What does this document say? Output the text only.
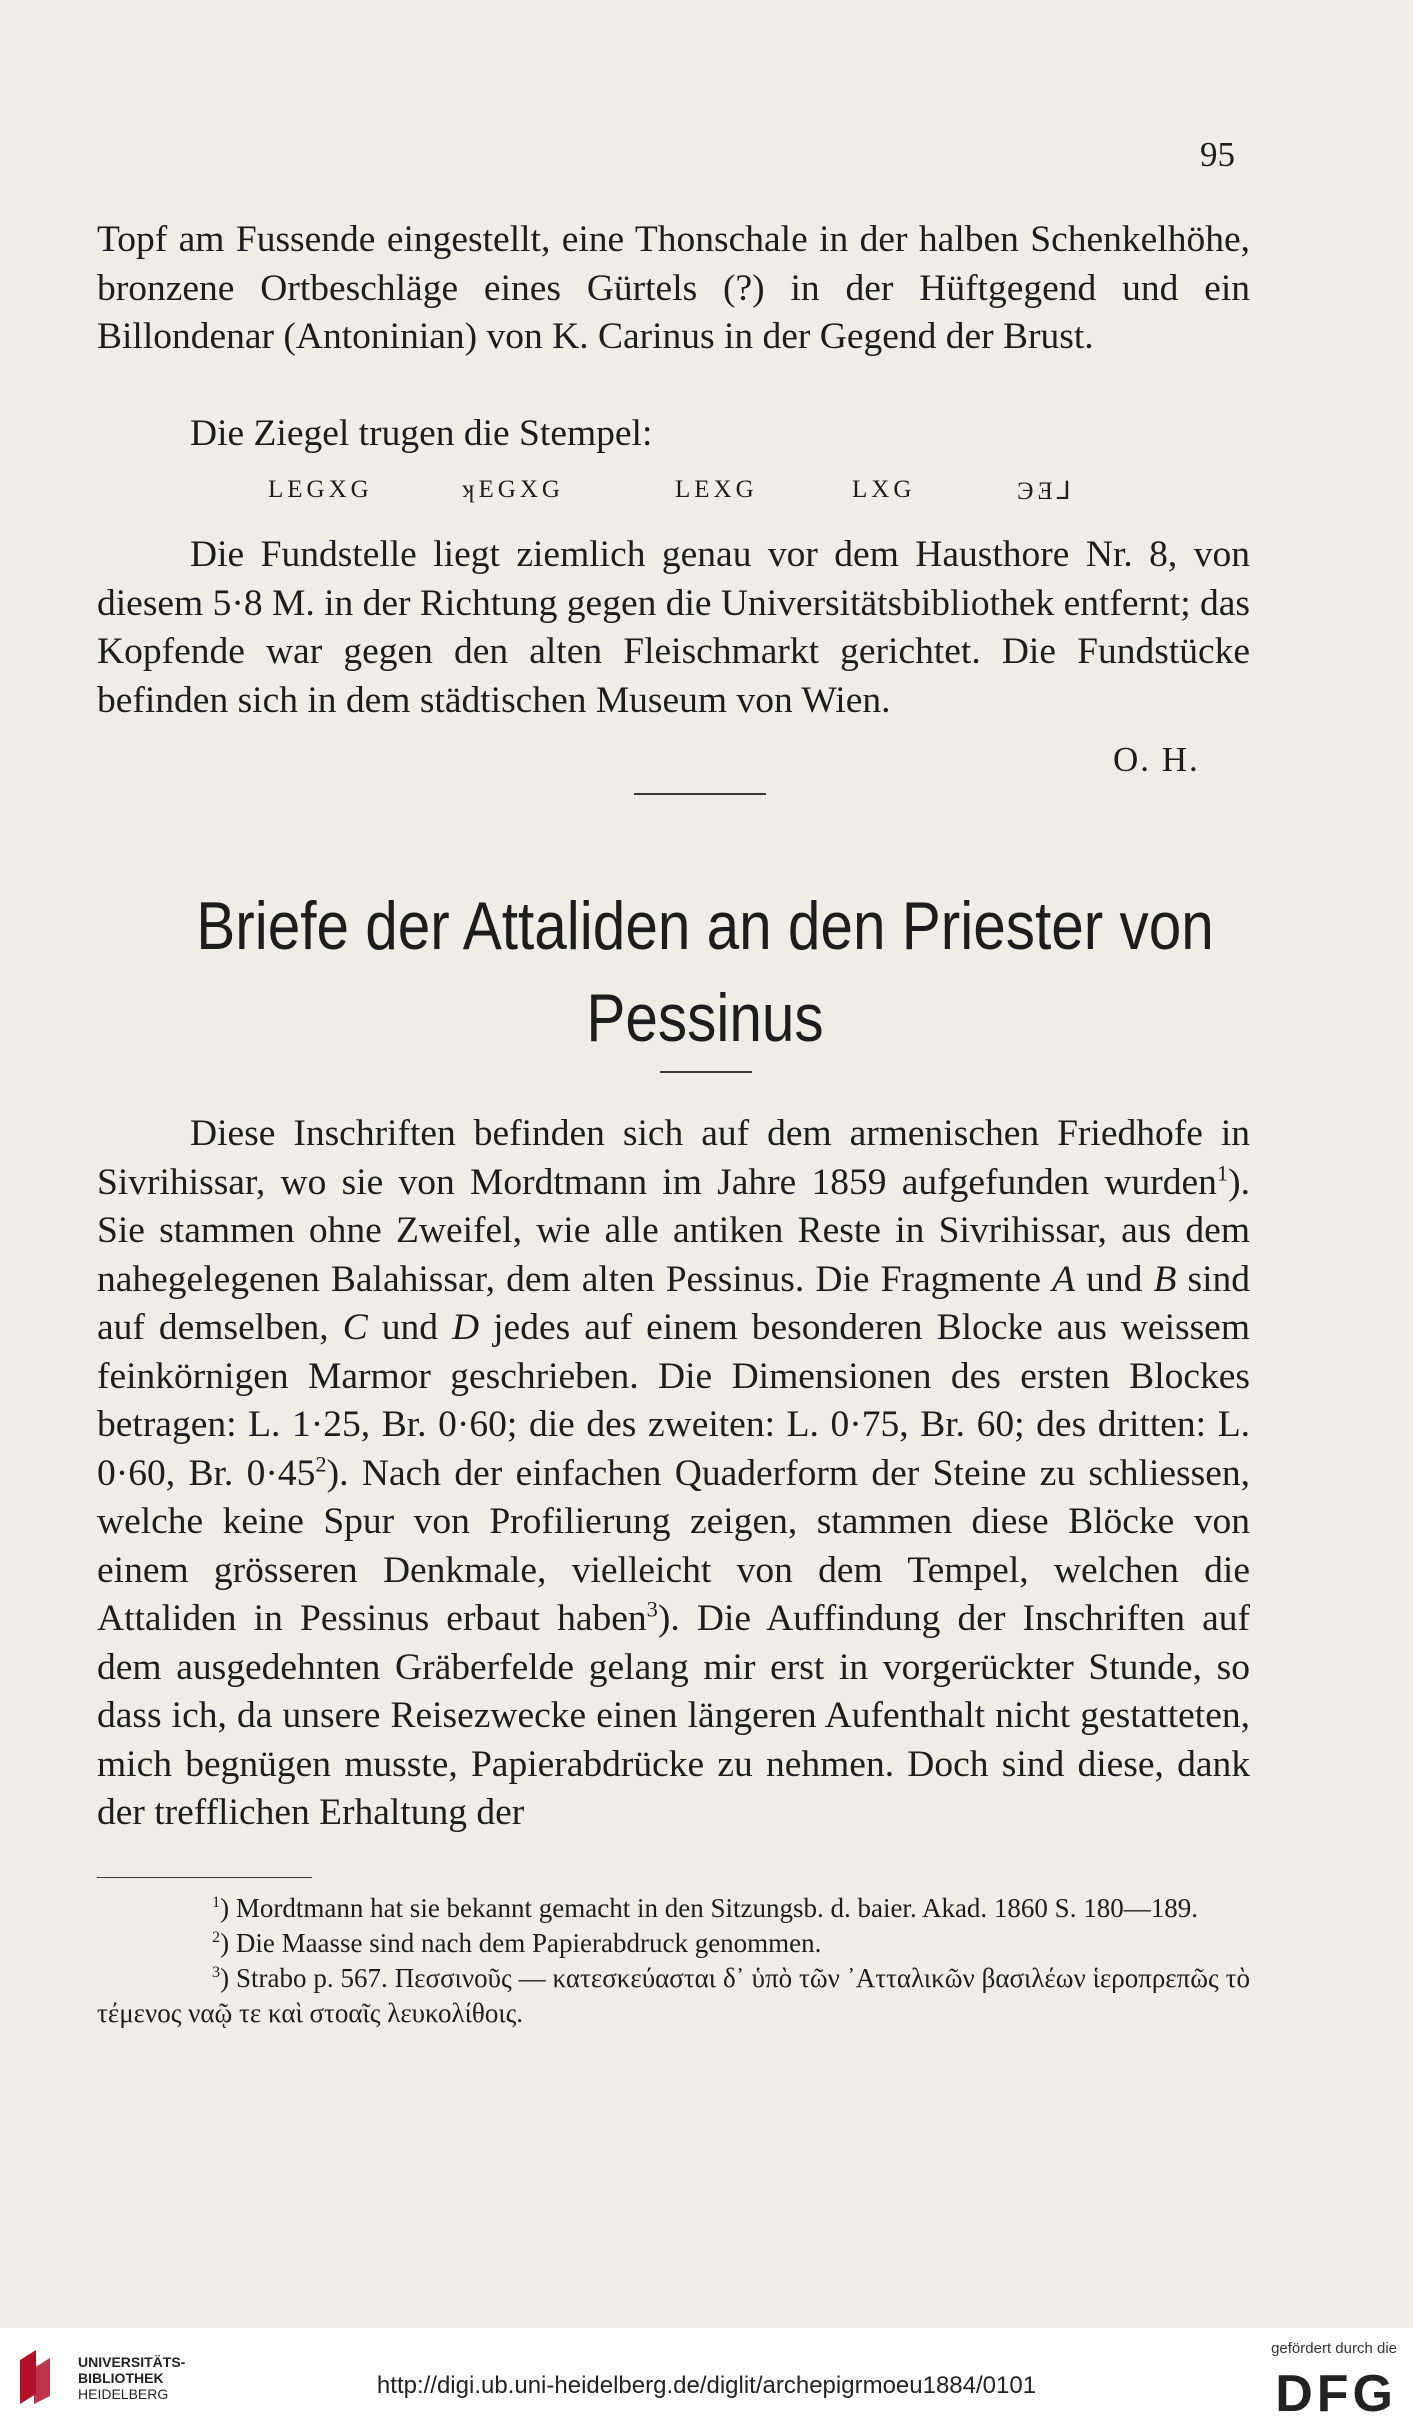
95

Topf am Fussende eingestellt, eine Thonschale in der halben Schenkelhöhe, bronzene Ortbeschläge eines Gürtels (?) in der Hüftgegend und ein Billondenar (Antoninian) von K. Carinus in der Gegend der Brust.

Die Ziegel trugen die Stempel:

LEGXG	ʞEGXG	LEXG	LXG	ЭƎ⅃

Die Fundstelle liegt ziemlich genau vor dem Hausthore Nr. 8, von diesem 5·8 M. in der Richtung gegen die Universitätsbibliothek entfernt; das Kopfende war gegen den alten Fleischmarkt gerichtet. Die Fundstücke befinden sich in dem städtischen Museum von Wien.

O. H.
Briefe der Attaliden an den Priester von
Pessinus

Diese Inschriften befinden sich auf dem armenischen Friedhofe in Sivrihissar, wo sie von Mordtmann im Jahre 1859 aufgefunden wurden$^1$). Sie stammen ohne Zweifel, wie alle antiken Reste in Sivrihissar, aus dem nahegelegenen Balahissar, dem alten Pessinus. Die Fragmente A und B sind auf demselben, C und D jedes auf einem besonderen Blocke aus weissem feinkörnigen Marmor geschrieben. Die Dimensionen des ersten Blockes betragen: L. 1·25, Br. 0·60; die des zweiten: L. 0·75, Br. 60; des dritten: L. 0·60, Br. $0\cdot 45^2$). Nach der einfachen Quaderform der Steine zu schliessen, welche keine Spur von Profilierung zeigen, stammen diese Blöcke von einem grösseren Denkmale, vielleicht von dem Tempel, welchen die Attaliden in Pessinus erbaut haben$^3$). Die Auffindung der Inschriften auf dem ausgedehnten Gräberfelde gelang mir erst in vorgerückter Stunde, so dass ich, da unsere Reisezwecke einen längeren Aufenthalt nicht gestatteten, mich begnügen musste, Papierabdrücke zu nehmen. Doch sind diese, dank der trefflichen Erhaltung der

$^1$) Mordtmann hat sie bekannt gemacht in den Sitzungsb. d. baier. Akad. 1860 S. 180—189.

$^2$) Die Maasse sind nach dem Papierabdruck genommen.

$^3$) Strabo p. 567. Πεσσινοῦς — κατεσκεύασται δ᾽ ὑπὸ τῶν ᾽Ατταλικῶν βασιλέων ἱεροπρεπῶς τὸ τέμενος ναῷ τε καὶ στοαῖς λευκολίθοις.

UNIVERSITÄTS-
BIBLIOTHEK
HEIDELBERG	http://digi.ub.uni-heidelberg.de/diglit/archepigrmoeu1884/0101
gefördert durch die
DFG
